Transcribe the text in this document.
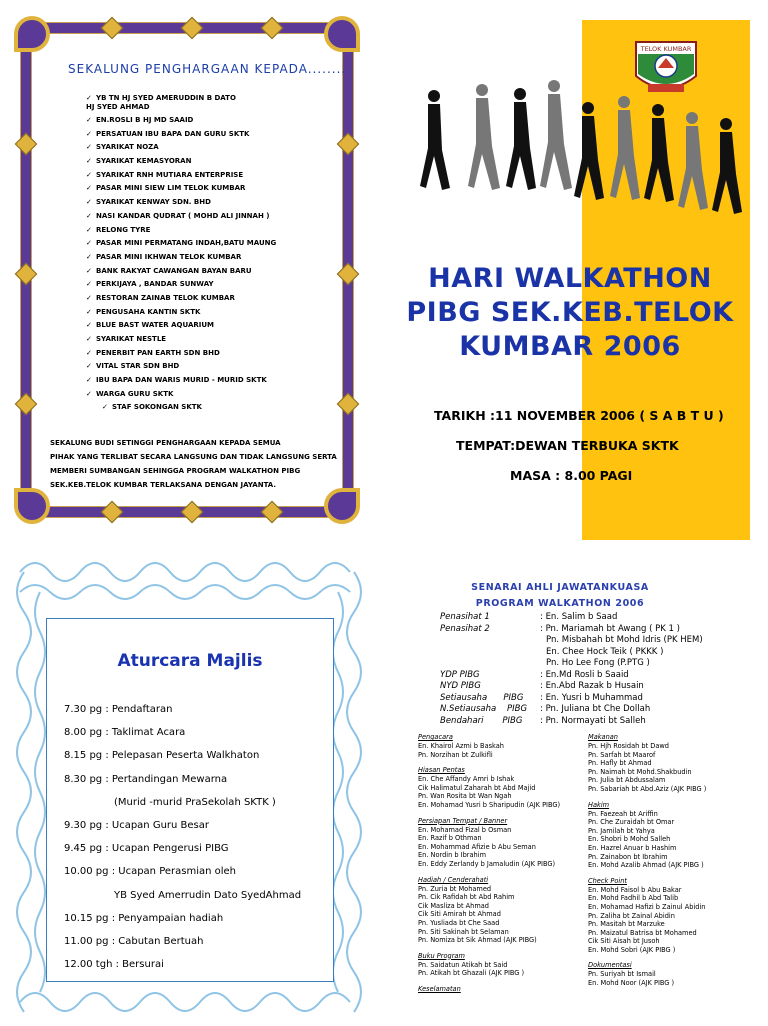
SEKALUNG PENGHARGAAN KEPADA........
✓ YB TN HJ SYED AMERUDDIN B DATO HJ SYED AHMAD
✓ EN.ROSLI B HJ MD SAAID
✓ PERSATUAN IBU BAPA DAN GURU SKTK
✓ SYARIKAT NOZA
✓ SYARIKAT KEMASYORAN
✓ SYARIKAT RNH MUTIARA ENTERPRISE
✓ PASAR MINI SIEW LIM TELOK KUMBAR
✓ SYARIKAT KENWAY SDN. BHD
✓ NASI KANDAR QUDRAT ( MOHD ALI JINNAH )
✓ RELONG TYRE
✓ PASAR MINI PERMATANG INDAH,BATU MAUNG
✓ PASAR MINI IKHWAN TELOK KUMBAR
✓ BANK RAKYAT CAWANGAN BAYAN BARU
✓ PERKIJAYA , BANDAR SUNWAY
✓ RESTORAN ZAINAB TELOK KUMBAR
✓ PENGUSAHA KANTIN SKTK
✓ BLUE BAST WATER AQUARIUM
✓ SYARIKAT NESTLE
✓ PENERBIT PAN EARTH SDN BHD
✓ VITAL STAR SDN BHD
✓ IBU BAPA DAN WARIS MURID - MURID SKTK
✓ WARGA GURU SKTK
✓ STAF SOKONGAN SKTK
SEKALUNG BUDI SETINGGI PENGHARGAAN KEPADA SEMUA
PIHAK YANG TERLIBAT SECARA LANGSUNG DAN TIDAK LANGSUNG SERTA
MEMBERI SUMBANGAN SEHINGGA PROGRAM WALKATHON PIBG
SEK.KEB.TELOK KUMBAR TERLAKSANA DENGAN JAYANTA.
TELOK KUMBAR
HARI WALKATHON PIBG SEK.KEB.TELOK KUMBAR 2006
TARIKH :11 NOVEMBER 2006 ( S A B T U )
TEMPAT:DEWAN TERBUKA SKTK
MASA : 8.00 PAGI
Aturcara Majlis
7.30 pg : Pendaftaran
8.00 pg : Taklimat Acara
8.15 pg : Pelepasan Peserta Walkhaton
8.30 pg : Pertandingan Mewarna
(Murid -murid PraSekolah SKTK )
9.30 pg : Ucapan Guru Besar
9.45 pg : Ucapan Pengerusi PIBG
10.00 pg : Ucapan Perasmian oleh
YB Syed Amerrudin Dato SyedAhmad
10.15 pg : Penyampaian hadiah
11.00 pg : Cabutan Bertuah
12.00 tgh : Bersurai
SENARAI AHLI JAWATANKUASA
PROGRAM WALKATHON 2006
Penasihat 1	: En. Salim b Saad
Penasihat 2	: Pn. Mariamah bt Awang ( PK 1 )
Pn. Misbahah bt Mohd Idris (PK HEM)
En. Chee Hock Teik ( PKKK )
Pn. Ho Lee Fong (P.PTG )
YDP PIBG	: En.Md Rosli b Saaid
NYD PIBG	: En.Abd Razak b Husain
Setiausaha      PIBG : En. Yusri b Muhammad
N.Setiausaha    PIBG : Pn. Juliana bt Che Dollah
Bendahari       PIBG : Pn. Normayati bt Salleh
Pengacara
En. Khairol Azmi b Baskah
Pn. Norzihan bt Zulkifli
Hiasan Pentas
En. Che Affandy Amri b Ishak
Cik Halimatul Zaharah bt Abd Majid
Pn. Wan Rosita bt Wan Ngah
En. Mohamad Yusri b Sharipudin (AJK PIBG)
Persiapan Tempat / Banner
En. Mohamad Fizal b Osman
En. Razif b Othman
En. Mohammad Afizie b Abu Seman
En. Nordin b Ibrahim
En. Eddy Zerlandy b Jamaludin (AJK PIBG)
Hadiah / Cenderahati
Pn. Zuria bt Mohamed
Pn. Cik Rafidah bt Abd Rahim
Cik Masliza bt Ahmad
Cik Siti Amirah bt Ahmad
Pn. Yusliada bt Che Saad
Pn. Siti Sakinah bt Selaman
Pn. Nomiza bt Sik Ahmad (AJK PIBG)
Buku Program
Pn. Saidatun Atikah bt Said
Pn. Atikah bt Ghazali (AJK PIBG )
Keselamatan
Makanan
Pn. Hjh Rosidah bt Dawd
Pn. Sarfah bt Maarof
Pn. Hafly bt Ahmad
Pn. Naimah bt Mohd.Shakbudin
Pn. Julia bt Abdussalam
Pn. Sabariah bt Abd.Aziz (AJK PIBG )
Hakim
Pn. Faezeah bt Ariffin
Pn. Che Zuraidah bt Omar
Pn. Jamilah bt Yahya
En. Shobri b Mohd Salleh
En. Hazrel Anuar b Hashim
Pn. Zainabon bt Ibrahim
En. Mohd Azalib Ahmad (AJK PIBG )
Check Point
En. Mohd Faisol b Abu Bakar
En. Mohd Fadhil b Abd Talib
En. Mohamad Hafizi b Zainul Abidin
Pn. Zaliha bt Zainal Abidin
Pn. Masitah bt Marzuke
Pn. Maizatul Batrisa bt Mohamed
Cik Siti Aisah bt Jusoh
En. Mohd Sobri (AJK PIBG )
Dokumentasi
Pn. Suriyah bt Ismail
En. Mohd Noor (AJK PIBG )
